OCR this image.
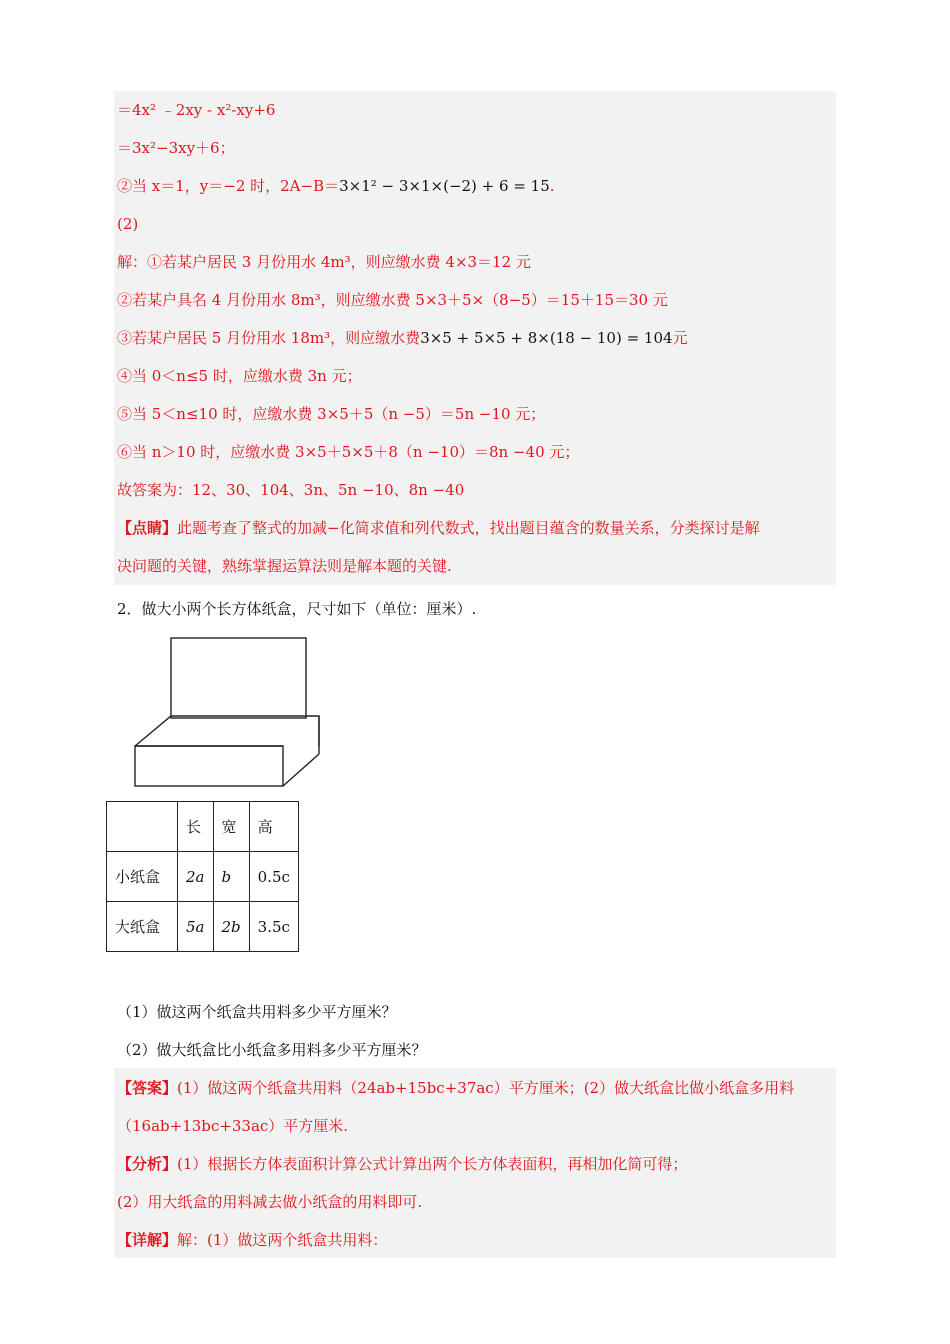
＝4x² ﹣2xy - x²-xy+6
＝3x²−3xy＋6；
②当 x＝1，y＝−2 时，2A−B＝3×1² − 3×1×(−2) + 6 = 15.
(2)
解：①若某户居民 3 月份用水 4m³，则应缴水费 4×3＝12 元
②若某户具名 4 月份用水 8m³，则应缴水费 5×3＋5×（8−5）＝15＋15＝30 元
③若某户居民 5 月份用水 18m³，则应缴水费3×5 + 5×5 + 8×(18 − 10) = 104元
④当 0＜n≤5 时，应缴水费 3n 元；
⑤当 5＜n≤10 时，应缴水费 3×5＋5（n −5）＝5n −10 元；
⑥当 n＞10 时，应缴水费 3×5＋5×5＋8（n −10）＝8n −40 元；
故答案为：12、30、104、3n、5n −10、8n −40
【点睛】此题考查了整式的加减−化简求值和列代数式，找出题目蕴含的数量关系，分类探讨是解
决问题的关键，熟练掌握运算法则是解本题的关键.
2．做大小两个长方体纸盒，尺寸如下（单位：厘米）.
	长	宽	高
小纸盒	2a	b	0.5c
大纸盒	5a	2b	3.5c
（1）做这两个纸盒共用料多少平方厘米？
（2）做大纸盒比小纸盒多用料多少平方厘米？
【答案】(1）做这两个纸盒共用料（24ab+15bc+37ac）平方厘米；(2）做大纸盒比做小纸盒多用料
（16ab+13bc+33ac）平方厘米.
【分析】(1）根据长方体表面积计算公式计算出两个长方体表面积，再相加化简可得；
(2）用大纸盒的用料减去做小纸盒的用料即可.
【详解】解：(1）做这两个纸盒共用料：
